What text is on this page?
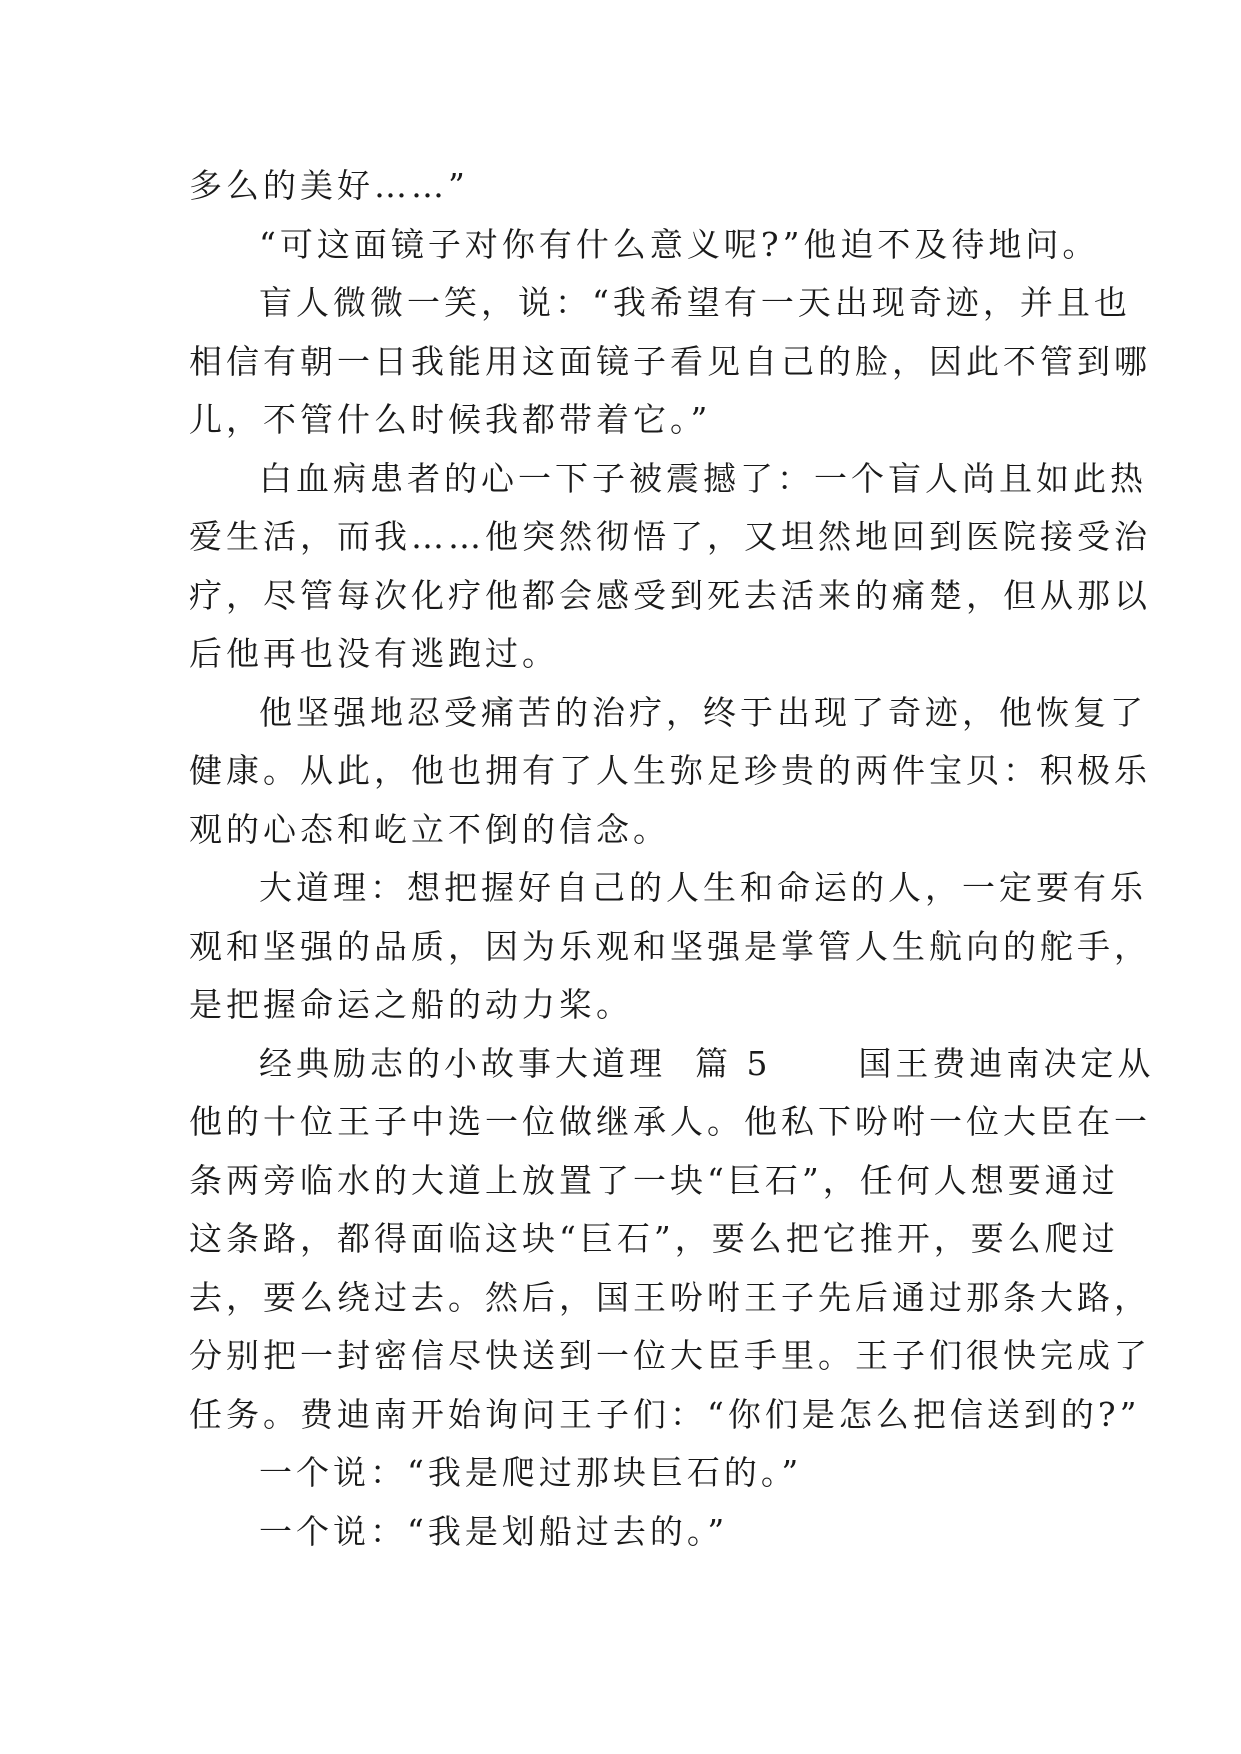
多么的美好……”

“可这面镜子对你有什么意义呢?”他迫不及待地问。

盲人微微一笑，说：“我希望有一天出现奇迹，并且也
相信有朝一日我能用这面镜子看见自己的脸，因此不管到哪
儿，不管什么时候我都带着它。”

白血病患者的心一下子被震撼了：一个盲人尚且如此热
爱生活，而我……他突然彻悟了，又坦然地回到医院接受治
疗，尽管每次化疗他都会感受到死去活来的痛楚，但从那以
后他再也没有逃跑过。

他坚强地忍受痛苦的治疗，终于出现了奇迹，他恢复了
健康。从此，他也拥有了人生弥足珍贵的两件宝贝：积极乐
观的心态和屹立不倒的信念。

大道理：想把握好自己的人生和命运的人，一定要有乐
观和坚强的品质，因为乐观和坚强是掌管人生航向的舵手，
是把握命运之船的动力桨。

经典励志的小故事大道理  篇 5      国王费迪南决定从
他的十位王子中选一位做继承人。他私下吩咐一位大臣在一
条两旁临水的大道上放置了一块“巨石”，任何人想要通过
这条路，都得面临这块“巨石”，要么把它推开，要么爬过
去，要么绕过去。然后，国王吩咐王子先后通过那条大路，
分别把一封密信尽快送到一位大臣手里。王子们很快完成了
任务。费迪南开始询问王子们：“你们是怎么把信送到的?”

一个说：“我是爬过那块巨石的。”

一个说：“我是划船过去的。”
